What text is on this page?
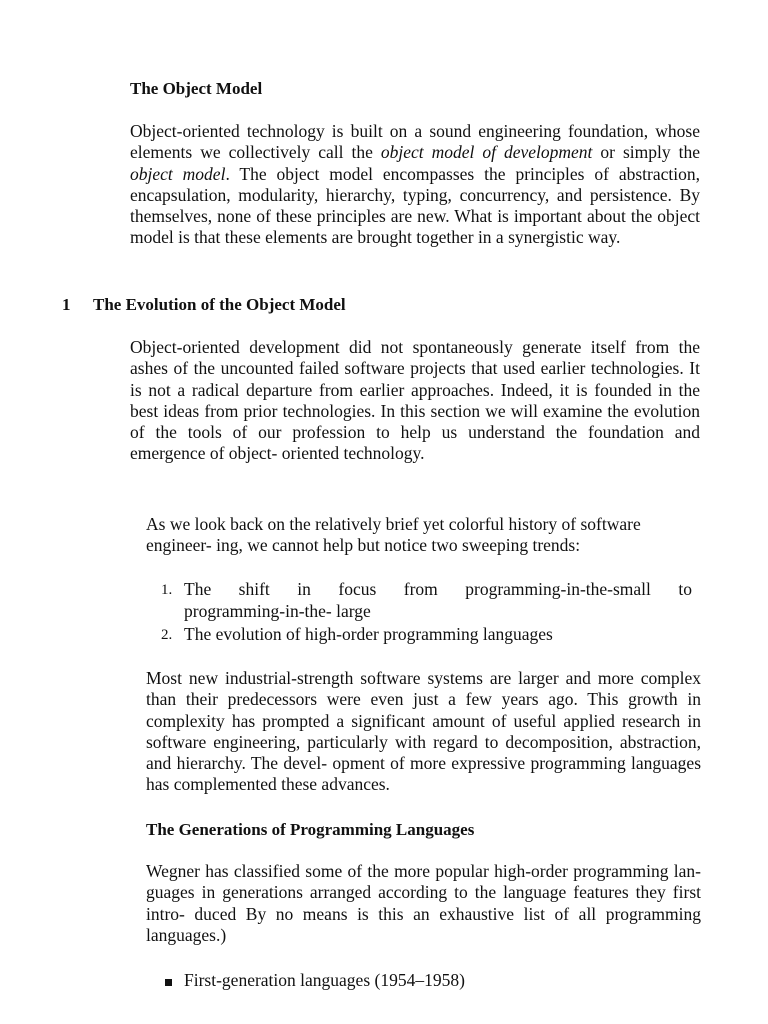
The Object Model

Object-oriented technology is built on a sound engineering foundation, whose elements we collectively call the object model of development or simply the object model. The object model encompasses the principles of abstraction, encapsulation, modularity, hierarchy, typing, concurrency, and persistence. By themselves, none of these principles are new. What is important about the object model is that these elements are brought together in a synergistic way.

1 The Evolution of the Object Model

Object-oriented development did not spontaneously generate itself from the ashes of the uncounted failed software projects that used earlier technologies. It is not a radical departure from earlier approaches. Indeed, it is founded in the best ideas from prior technologies. In this section we will examine the evolution of the tools of our profession to help us understand the foundation and emergence of object- oriented technology.

As we look back on the relatively brief yet colorful history of software engineer- ing, we cannot help but notice two sweeping trends:

1. The shift in focus from programming-in-the-small to
programming-in-the- large
2. The evolution of high-order programming languages

Most new industrial-strength software systems are larger and more complex than their predecessors were even just a few years ago. This growth in complexity has prompted a significant amount of useful applied research in software engineering, particularly with regard to decomposition, abstraction, and hierarchy. The devel- opment of more expressive programming languages has complemented these advances.

The Generations of Programming Languages

Wegner has classified some of the more popular high-order programming lan- guages in generations arranged according to the language features they first intro- duced By no means is this an exhaustive list of all programming languages.)

First-generation languages (1954–1958)
